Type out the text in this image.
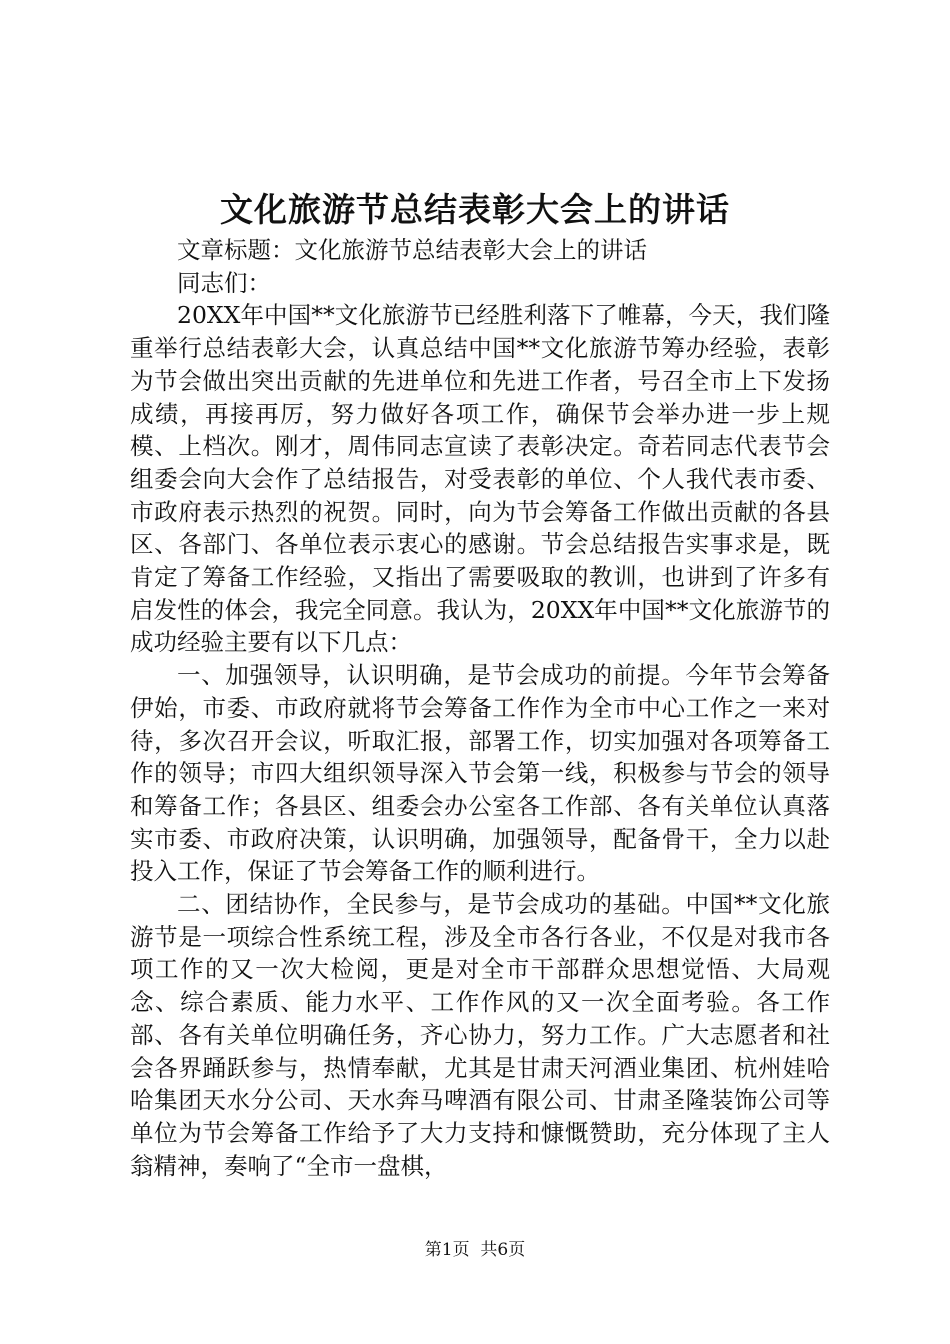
文化旅游节总结表彰大会上的讲话

文章标题：文化旅游节总结表彰大会上的讲话

同志们：

20XX年中国**文化旅游节已经胜利落下了帷幕，今天，我们隆重举行总结表彰大会，认真总结中国**文化旅游节筹办经验，表彰为节会做出突出贡献的先进单位和先进工作者，号召全市上下发扬成绩，再接再厉，努力做好各项工作，确保节会举办进一步上规模、上档次。刚才，周伟同志宣读了表彰决定。奇若同志代表节会组委会向大会作了总结报告，对受表彰的单位、个人我代表市委、市政府表示热烈的祝贺。同时，向为节会筹备工作做出贡献的各县区、各部门、各单位表示衷心的感谢。节会总结报告实事求是，既肯定了筹备工作经验，又指出了需要吸取的教训，也讲到了许多有启发性的体会，我完全同意。我认为，20XX年中国**文化旅游节的成功经验主要有以下几点：

一、加强领导，认识明确，是节会成功的前提。今年节会筹备伊始，市委、市政府就将节会筹备工作作为全市中心工作之一来对待，多次召开会议，听取汇报，部署工作，切实加强对各项筹备工作的领导；市四大组织领导深入节会第一线，积极参与节会的领导和筹备工作；各县区、组委会办公室各工作部、各有关单位认真落实市委、市政府决策，认识明确，加强领导，配备骨干，全力以赴投入工作，保证了节会筹备工作的顺利进行。

二、团结协作，全民参与，是节会成功的基础。中国**文化旅游节是一项综合性系统工程，涉及全市各行各业，不仅是对我市各项工作的又一次大检阅，更是对全市干部群众思想觉悟、大局观念、综合素质、能力水平、工作作风的又一次全面考验。各工作部、各有关单位明确任务，齐心协力，努力工作。广大志愿者和社会各界踊跃参与，热情奉献，尤其是甘肃天河酒业集团、杭州娃哈哈集团天水分公司、天水奔马啤酒有限公司、甘肃圣隆装饰公司等单位为节会筹备工作给予了大力支持和慷慨赞助，充分体现了主人翁精神，奏响了“全市一盘棋，

第1页 共6页
